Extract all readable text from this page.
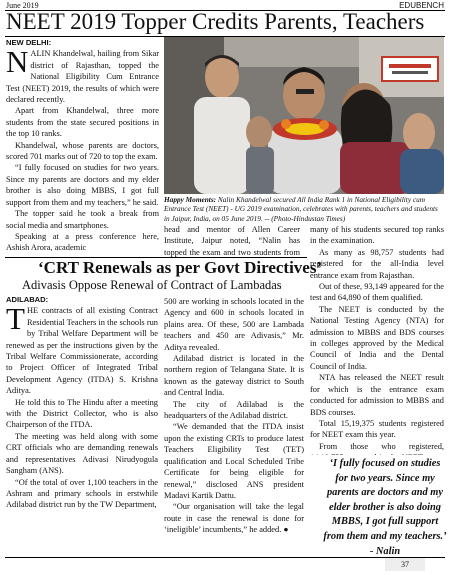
June 2019	EDUBENCH
NEET 2019 Topper Credits Parents, Teachers
NEW DELHI:
N ALIN Khandelwal, hailing from Sikar district of Rajasthan, topped the National Eligibility Cum Entrance Test (NEET) 2019, the results of which were declared recently.

Apart from Khandelwal, three more students from the state secured positions in the top 10 ranks.

Khandelwal, whose parents are doctors, scored 701 marks out of 720 to top the exam.

“I fully focused on studies for two years. Since my parents are doctors and my elder brother is also doing MBBS, I got full support from them and my teachers,” he said.

The topper said he took a break from social media and smartphones.

Speaking at a press conference here, Ashish Arora, academic

Happy Moments: Nalin Khandelwal secured All India Rank 1 in National Eligibility cum Entrance Test (NEET) - UG 2019 examination, celebrates with parents, teachers and students in Jaipur, India, on 05 June 2019. -- (Photo-Hindustan Times)

head and mentor of Allen Career Institute, Jaipur noted, “Nalin has topped the exam and two students from

many of his students secured top ranks in the examination.

As many as 98,757 students had registered for the all-India level entrance exam from Rajasthan.

Out of these, 93,149 appeared for the test and 64,890 of them qualified.

The NEET is conducted by the National Testing Agency (NTA) for admission to MBBS and BDS courses in colleges approved by the Medical Council of India and the Dental Council of India.

NTA has released the NEET result for which is the entrance exam conducted for admission to MBBS and BDS courses.

Total 15,19,375 students registered for NEET exam this year.

From those who registered,

‘I fully focused on studies for two years. Since my parents are doctors and my elder brother is also doing MBBS, I got full support from them and my teachers.’ - Nalin
‘CRT Renewals as per Govt Directives’
Adivasis Oppose Renewal of Contract of Lambadas
ADILABAD:
T HE contracts of all existing Contract Residential Teachers in the schools run by Tribal Welfare Department will be renewed as per the instructions given by the Tribal Welfare Commissionerate, according to Project Officer of Integrated Tribal Development Agency (ITDA) S. Krishna Aditya.

He told this to The Hindu after a meeting with the District Collector, who is also Chairperson of the ITDA.

The meeting was held along with some CRT officials who are demanding renewals and representatives Adivasi Nirudyogula Sangham (ANS).

“Of the total of over 1,100 teachers in the Ashram and primary schools in erstwhile Adilabad district run by the TW Department,

500 are working in schools located in the Agency and 600 in schools located in plains area. Of these, 500 are Lambada teachers and 450 are Adivasis,” Mr. Aditya revealed.

Adilabad district is located in the northern region of Telangana State. It is known as the gateway district to South and Central India.

The city of Adilabad is the headquarters of the Adilabad district.

“We demanded that the ITDA insist upon the existing CRTs to produce latest Teachers Eligibility Test (TET) qualification and Local Scheduled Tribe Certificate for being eligible for renewal,” disclosed ANS president Madavi Kartik Dattu.

“Our organisation will take the legal route in case the renewal is done for ‘ineligible’ incumbents,” he added. ●

37
